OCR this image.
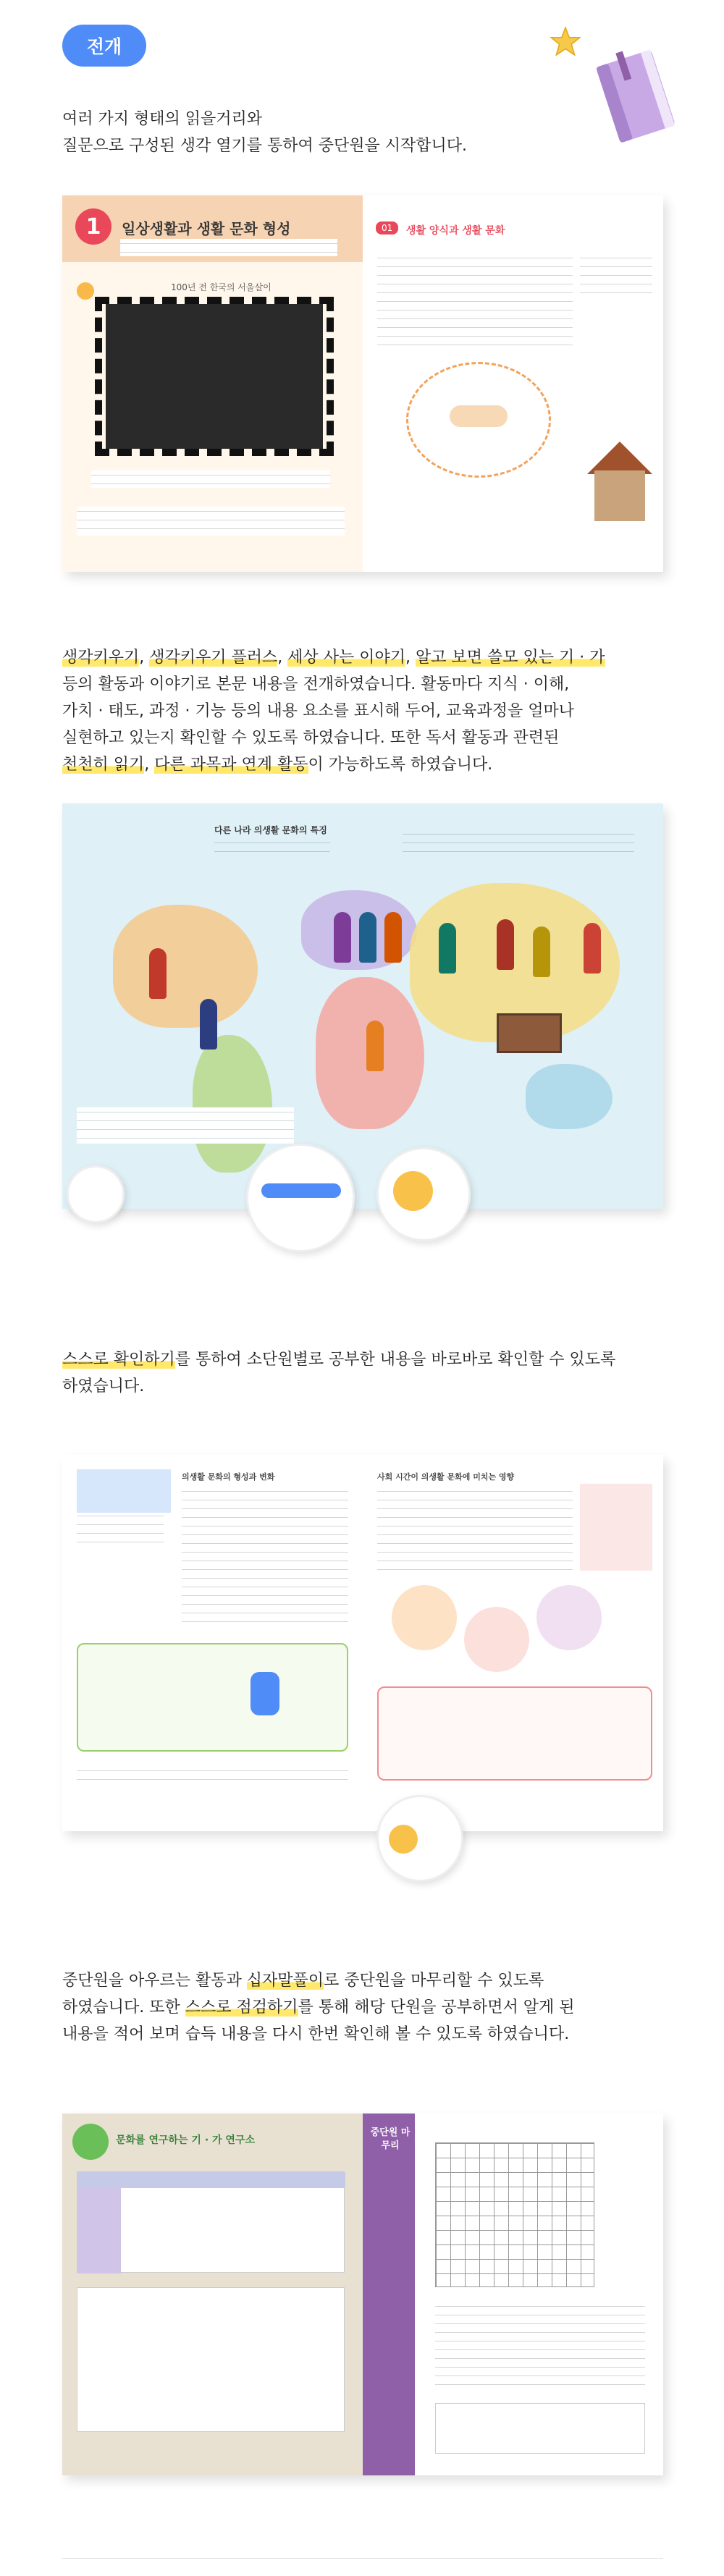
전개
여러 가지 형태의 읽을거리와
질문으로 구성된 생각 열기를 통하여 중단원을 시작합니다.
1	일상생활과 생활 문화 형성
100년 전 한국의 서울살이
01	생활 양식과 생활 문화
생각키우기, 생각키우기 플러스, 세상 사는 이야기, 알고 보면 쓸모 있는 기 · 가
등의 활동과 이야기로 본문 내용을 전개하였습니다. 활동마다 지식 · 이해,
가치 · 태도, 과정 · 기능 등의 내용 요소를 표시해 두어, 교육과정을 얼마나
실현하고 있는지 확인할 수 있도록 하였습니다. 또한 독서 활동과 관련된
천천히 읽기, 다른 과목과 연계 활동이 가능하도록 하였습니다.
다른 나라 의생활 문화의 특징
스스로 확인하기를 통하여 소단원별로 공부한 내용을 바로바로 확인할 수 있도록
하였습니다.
의생활 문화의 형성과 변화	사회 시간이 의생활 문화에 미치는 영향
중단원을 아우르는 활동과 십자말풀이로 중단원을 마무리할 수 있도록
하였습니다. 또한 스스로 점검하기를 통해 해당 단원을 공부하면서 알게 된
내용을 적어 보며 습득 내용을 다시 한번 확인해 볼 수 있도록 하였습니다.
문화를 연구하는 기 · 가 연구소
중단원 마무리
